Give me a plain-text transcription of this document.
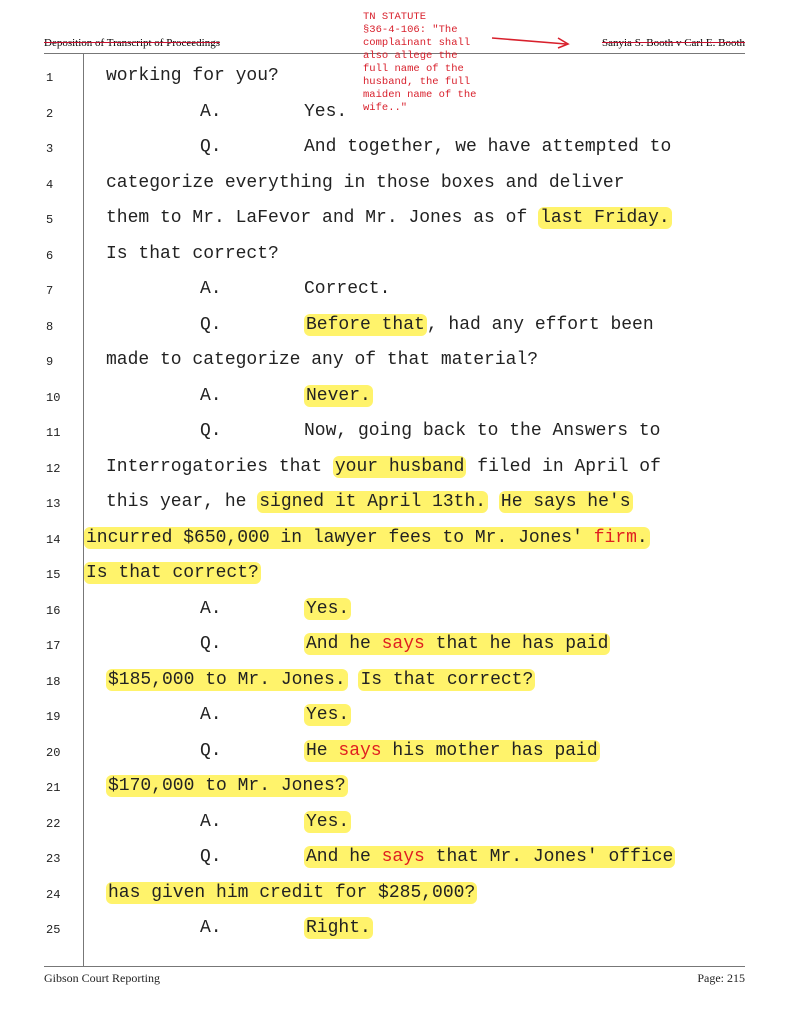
Deposition of Transcript of Proceedings	Sanyia S. Booth v Carl E. Booth
TN STATUTE
§36-4-106: "The
complainant shall
also allege the
full name of the
husband, the full
maiden name of the
wife.."
1	working for you?
2	A.	Yes.
3	Q.	And together, we have attempted to
4	categorize everything in those boxes and deliver
5	them to Mr. LaFevor and Mr. Jones as of last Friday.
6	Is that correct?
7	A.	Correct.
8	Q.	Before that , had any effort been
9	made to categorize any of that material?
10	A.	Never.
11	Q.	Now, going back to the Answers to
12	Interrogatories that your husband filed in April of
13	this year, he signed it April 13th. He says he's
14	incurred $650,000 in lawyer fees to Mr. Jones' firm.
15	Is that correct?
16	A.	Yes.
17	Q.	And he says that he has paid
18	$185,000 to Mr. Jones. Is that correct?
19	A.	Yes.
20	Q.	He says his mother has paid
21	$170,000 to Mr. Jones?
22	A.	Yes.
23	Q.	And he says that Mr. Jones' office
24	has given him credit for $285,000?
25	A.	Right.
Gibson Court Reporting	Page: 215
